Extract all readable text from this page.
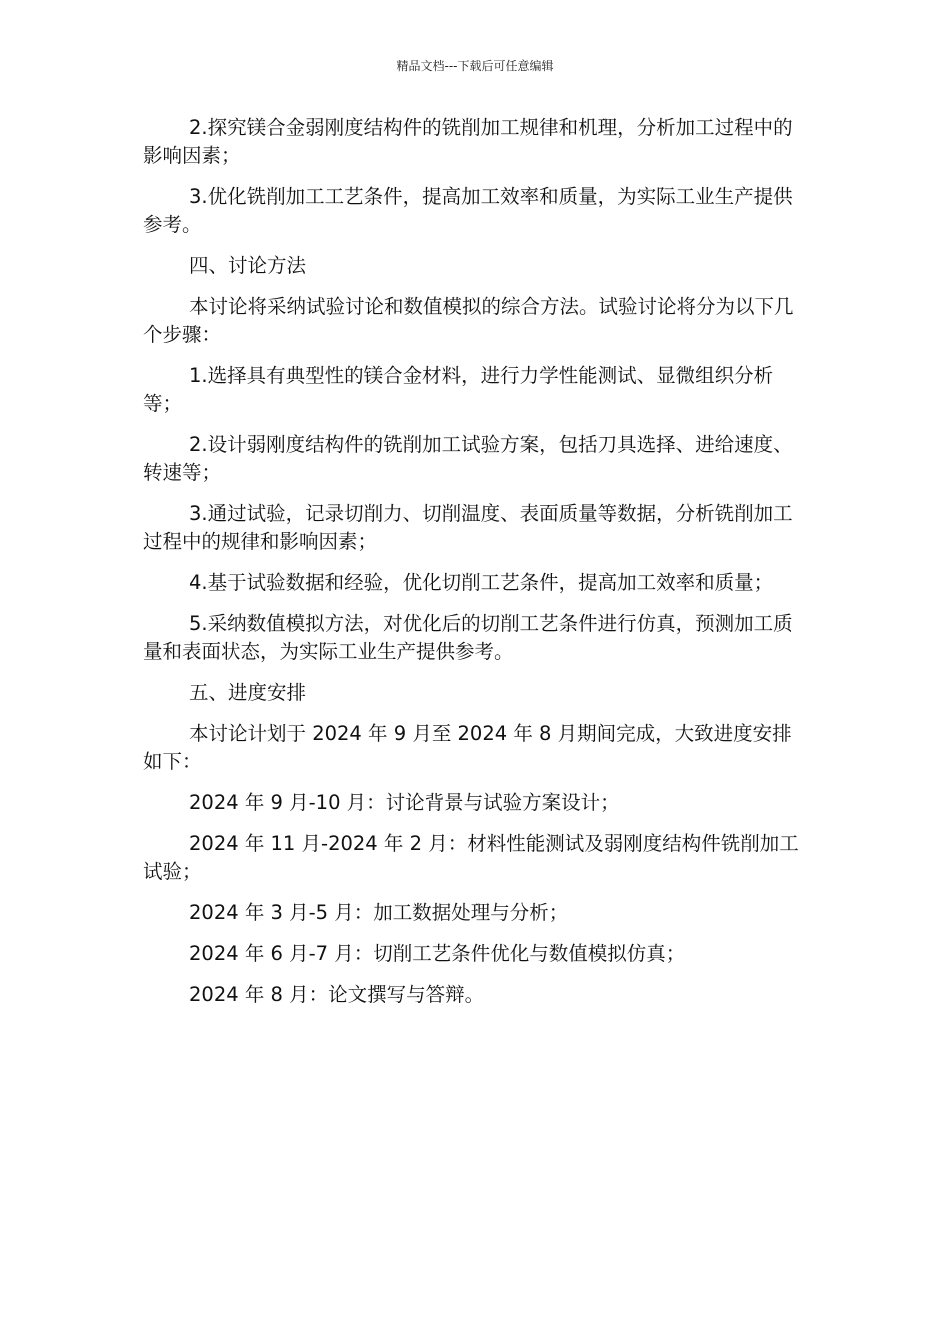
精品文档---下载后可任意编辑

2.探究镁合金弱刚度结构件的铣削加工规律和机理，分析加工过程中的影响因素；

3.优化铣削加工工艺条件，提高加工效率和质量，为实际工业生产提供参考。

四、讨论方法

本讨论将采纳试验讨论和数值模拟的综合方法。试验讨论将分为以下几个步骤：

1.选择具有典型性的镁合金材料，进行力学性能测试、显微组织分析等；

2.设计弱刚度结构件的铣削加工试验方案，包括刀具选择、进给速度、转速等；

3.通过试验，记录切削力、切削温度、表面质量等数据，分析铣削加工过程中的规律和影响因素；

4.基于试验数据和经验，优化切削工艺条件，提高加工效率和质量；

5.采纳数值模拟方法，对优化后的切削工艺条件进行仿真，预测加工质量和表面状态，为实际工业生产提供参考。

五、进度安排

本讨论计划于 2024 年 9 月至 2024 年 8 月期间完成，大致进度安排如下：

2024 年 9 月-10 月：讨论背景与试验方案设计；

2024 年 11 月-2024 年 2 月：材料性能测试及弱刚度结构件铣削加工试验；

2024 年 3 月-5 月：加工数据处理与分析；

2024 年 6 月-7 月：切削工艺条件优化与数值模拟仿真；

2024 年 8 月：论文撰写与答辩。
